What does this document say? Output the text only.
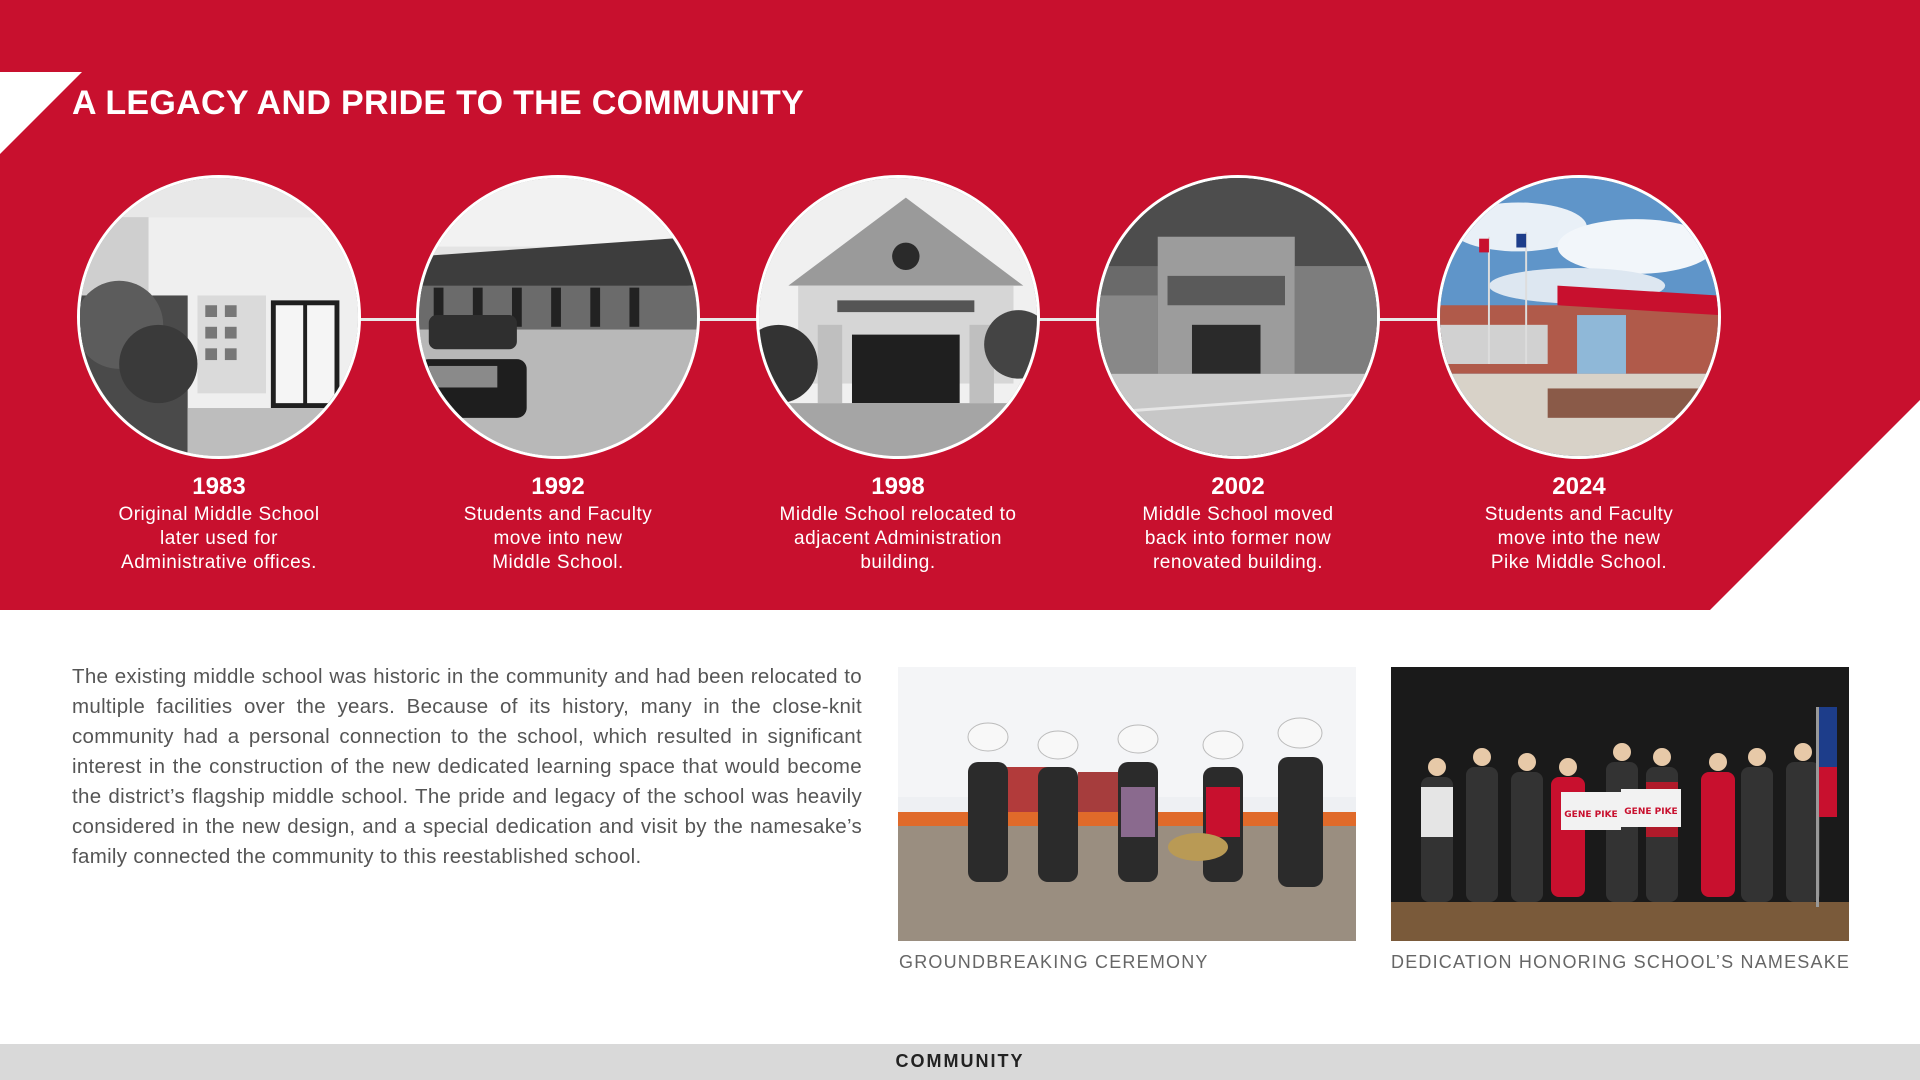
A LEGACY AND PRIDE TO THE COMMUNITY
1983
Original Middle School
later used for
Administrative offices.
1992
Students and Faculty
move into new
Middle School.
1998
Middle School relocated to
adjacent Administration
building.
2002
Middle School moved
back into former now
renovated building.
2024
Students and Faculty
move into the new
Pike Middle School.

The existing middle school was historic in the community and had been relocated to multiple facilities over the years. Because of its history, many in the close-knit community had a personal connection to the school, which resulted in significant interest in the construction of the new dedicated learning space that would become the district’s flagship middle school. The pride and legacy of the school was heavily considered in the new design, and a special dedication and visit by the namesake’s family connected the community to this reestablished school.

GROUNDBREAKING CEREMONY
GENE PIKE GENE PIKE
DEDICATION HONORING SCHOOL’S NAMESAKE
COMMUNITY
